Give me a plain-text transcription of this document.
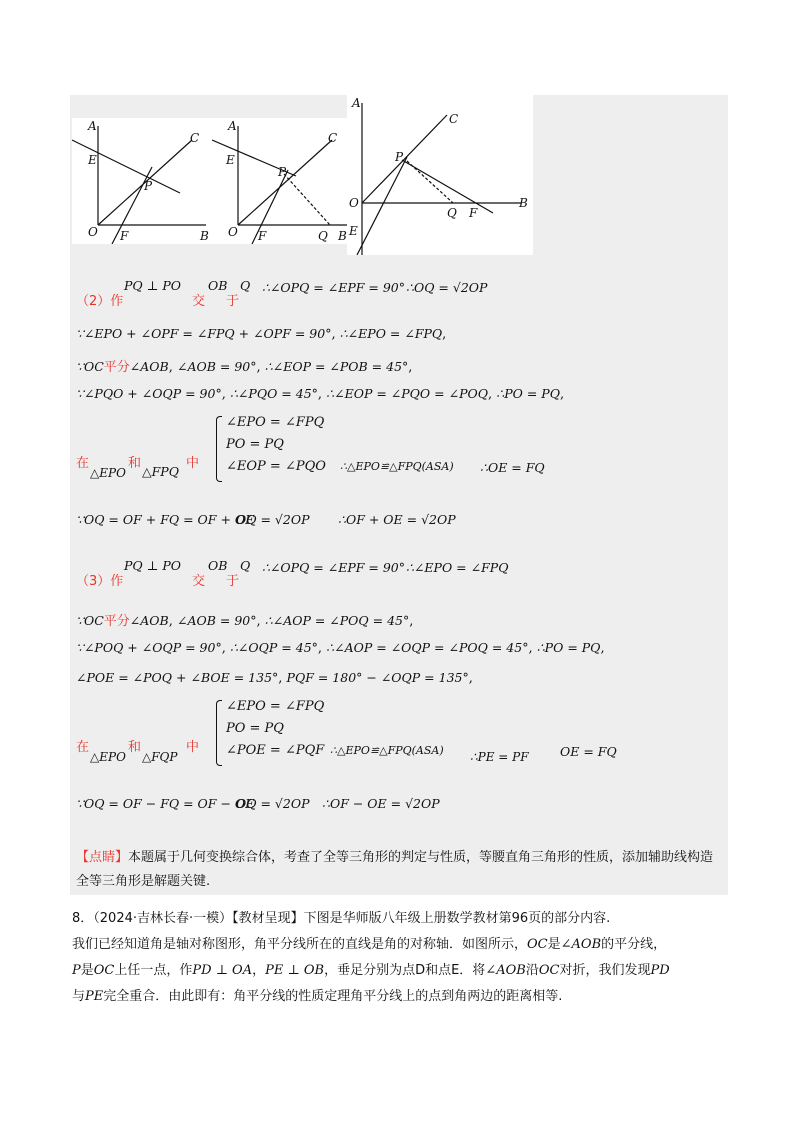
A
E
C
P
O F	B
A
E
C
P
O F	Q B
A
C
P
O
Q F
B
E
（2）作
PQ ⊥ PO
交
OB
于
Q ∴∠OPQ = ∠EPF = 90° ∴OQ = √2OP
∵∠EPO + ∠OPF = ∠FPQ + ∠OPF = 90°, ∴∠EPO = ∠FPQ,
∵OC平分∠AOB, ∠AOB = 90°, ∴∠EOP = ∠POB = 45°,
∵∠PQO + ∠OQP = 90°, ∴∠PQO = 45°, ∴∠EOP = ∠PQO = ∠POQ, ∴PO = PQ,
在
△EPO
和
△FPQ
中
∠EPO = ∠FPQ
PO = PQ
∠EOP = ∠PQO ∴△EPO≌△FPQ(ASA) ∴OE = FQ
∵OQ = OF + FQ = OF + OE
OQ = √2OP ∴OF + OE = √2OP
（3）作
PQ ⊥ PO
交
OB
于
Q ∴∠OPQ = ∠EPF = 90° ∴∠EPO = ∠FPQ
∵OC平分∠AOB, ∠AOB = 90°, ∴∠AOP = ∠POQ = 45°,
∵∠POQ + ∠OQP = 90°, ∴∠OQP = 45°, ∴∠AOP = ∠OQP = ∠POQ = 45°, ∴PO = PQ,
∠POE = ∠POQ + ∠BOE = 135°, PQF = 180° − ∠OQP = 135°,
在
△EPO
和
△FQP
中
∠EPO = ∠FPQ
PO = PQ
∠POE = ∠PQF ∴△EPO≌△FPQ(ASA) ∴PE = PF	OE = FQ
∵OQ = OF − FQ = OF − OE
OQ = √2OP ∴OF − OE = √2OP
【点睛】本题属于几何变换综合体，考查了全等三角形的判定与性质，等腰直角三角形的性质，添加辅助线构造全等三角形是解题关键.
8．（2024·吉林长春·一模）【教材呈现】下图是华师版八年级上册数学教材第96页的部分内容.
我们已经知道角是轴对称图形，角平分线所在的直线是角的对称轴．如图所示，OC是∠AOB的平分线，
P是OC上任一点，作PD ⊥ OA，PE ⊥ OB，垂足分别为点D和点E．将∠AOB沿OC对折，我们发现PD
与PE完全重合．由此即有：角平分线的性质定理角平分线上的点到角两边的距离相等.
